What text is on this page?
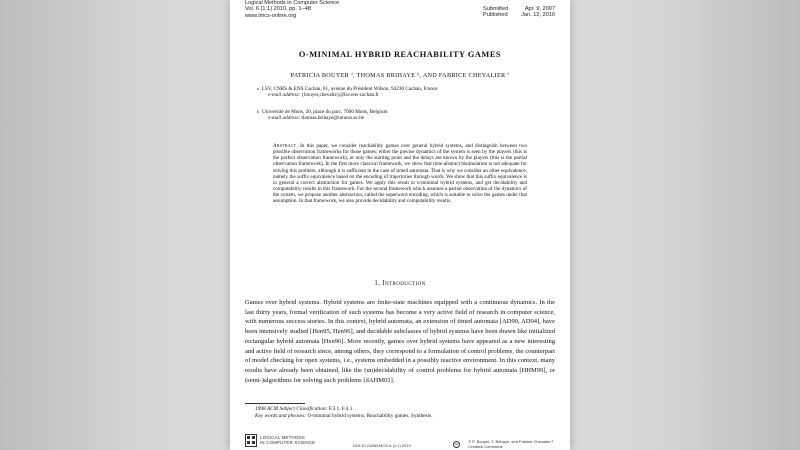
Logical Methods in Computer Science
Vol. 6 (1:1) 2010, pp. 1–48
www.lmcs-online.org
Submitted	Apr. 9, 2007
Published Jan. 12, 2010
O-MINIMAL HYBRID REACHABILITY GAMES
PATRICIA BOUYER ª, THOMAS BRIHAYE ᵇ, AND FABRICE CHEVALIER ª
a LSV, CNRS & ENS Cachan, 61, avenue du Président Wilson, 94230 Cachan, France
e-mail address: {bouyer,chevalie}@lsv.ens-cachan.fr
b Université de Mons, 20, place du parc, 7000 Mons, Belgium
e-mail address: thomas.brihaye@umons.ac.be
Abstract. In this paper, we consider reachability games over general hybrid systems, and distinguish between two possible observation frameworks for those games: either the precise dynamics of the system is seen by the players (this is the perfect observation framework), or only the starting point and the delays are known by the players (this is the partial observation framework). In the first more classical framework, we show that time-abstract bisimulation is not adequate for solving this problem, although it is sufficient in the case of timed automata. That is why we consider an other equivalence, namely the suffix equivalence based on the encoding of trajectories through words. We show that this suffix equivalence is in general a correct abstraction for games. We apply this result to o-minimal hybrid systems, and get decidability and computability results in this framework. For the second framework which assumes a partial observation of the dynamics of the system, we propose another abstraction, called the superword encoding, which is suitable to solve the games under that assumption. In that framework, we also provide decidability and computability results.
1. Introduction
Games over hybrid systems. Hybrid systems are finite-state machines equipped with a continuous dynamics. In the last thirty years, formal verification of such systems has become a very active field of research in computer science, with numerous success stories. In this context, hybrid automata, an extension of timed automata [AD90, AD94], have been intensively studied [Hen95, Hen96], and decidable subclasses of hybrid systems have been drawn like initialized rectangular hybrid automata [Hen96]. More recently, games over hybrid systems have appeared as a new interesting and active field of research since, among others, they correspond to a formulation of control problems, the counterpart of model checking for open systems, i.e., systems embedded in a possibly reactive environment. In this context, many results have already been obtained, like the (un)decidability of control problems for hybrid automata [HHM99], or (semi-)algorithms for solving such problems [dAHM01].
1998 ACM Subject Classification: F.3.1, F.4.1.
Key words and phrases: O-minimal hybrid systems, Reachability games, Synthesis.
LOGICAL METHODS
IN COMPUTER SCIENCE
DOI:10.2168/LMCS-6 (1:1) 2010	cc	© P. Bouyer, T. Brihaye, and Fabrice Chevalier ª
Creative Commons
